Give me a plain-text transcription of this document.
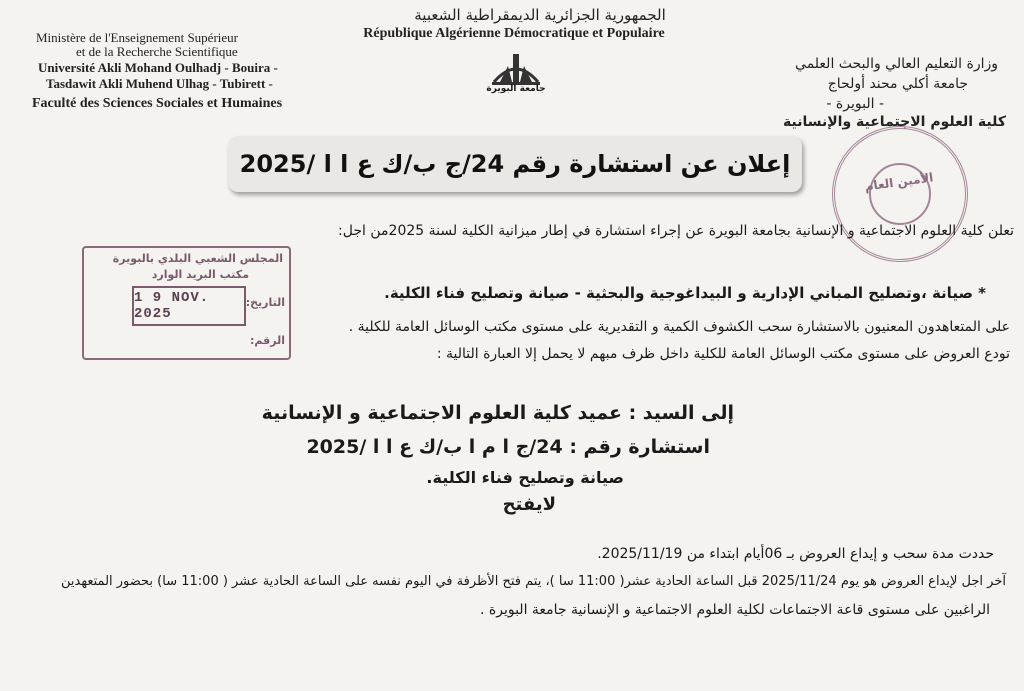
الجمهورية الجزائرية الديمقراطية الشعبية
République Algérienne Démocratique et Populaire
Ministère de l'Enseignement Supérieur
et de la Recherche Scientifique
Université Akli Mohand Oulhadj - Bouira -
Tasdawit Akli Muhend Ulhag - Tubirett -
Faculté des Sciences Sociales et Humaines
جامعة البويرة
وزارة التعليم العالي والبحث العلمي
جامعة أكلي محند أولحاج
- البويرة -
كلية العلوم الاجتماعية والإنسانية
الأمين العام
إعلان عن استشارة رقم 24/ج ب/ك ع ا ا /2025
تعلن كلية العلوم الاجتماعية و الإنسانية بجامعة البويرة عن إجراء استشارة في إطار ميزانية الكلية لسنة 2025من اجل:
المجلس الشعبي البلدي بالبويرة
مكتب البريد الوارد
التاريخ:
1 9 NOV. 2025
الرقم:
* صيانة ،وتصليح المباني الإدارية و البيداغوجية والبحثية - صيانة وتصليح فناء الكلية.
على المتعاهدون المعنيون بالاستشارة سحب الكشوف الكمية و التقديرية على مستوى مكتب الوسائل العامة للكلية .
تودع العروض على مستوى مكتب الوسائل العامة للكلية داخل ظرف مبهم لا يحمل إلا العبارة التالية :
إلى السيد : عميد كلية العلوم الاجتماعية و الإنسانية
استشارة رقم : 24/ج ا م ا ب/ك ع ا ا /2025
صيانة وتصليح فناء الكلية.
لايفتح
حددت مدة سحب و إيداع العروض بـ 06أيام ابتداء من 2025/11/19.
آخر اجل لإيداع العروض هو يوم 2025/11/24 قبل الساعة الحادية عشر( 11:00 سا )، يتم فتح الأظرفة في اليوم نفسه على الساعة الحادية عشر ( 11:00 سا) بحضور المتعهدين
الراغبين على مستوى قاعة الاجتماعات لكلية العلوم الاجتماعية و الإنسانية جامعة البويرة .
